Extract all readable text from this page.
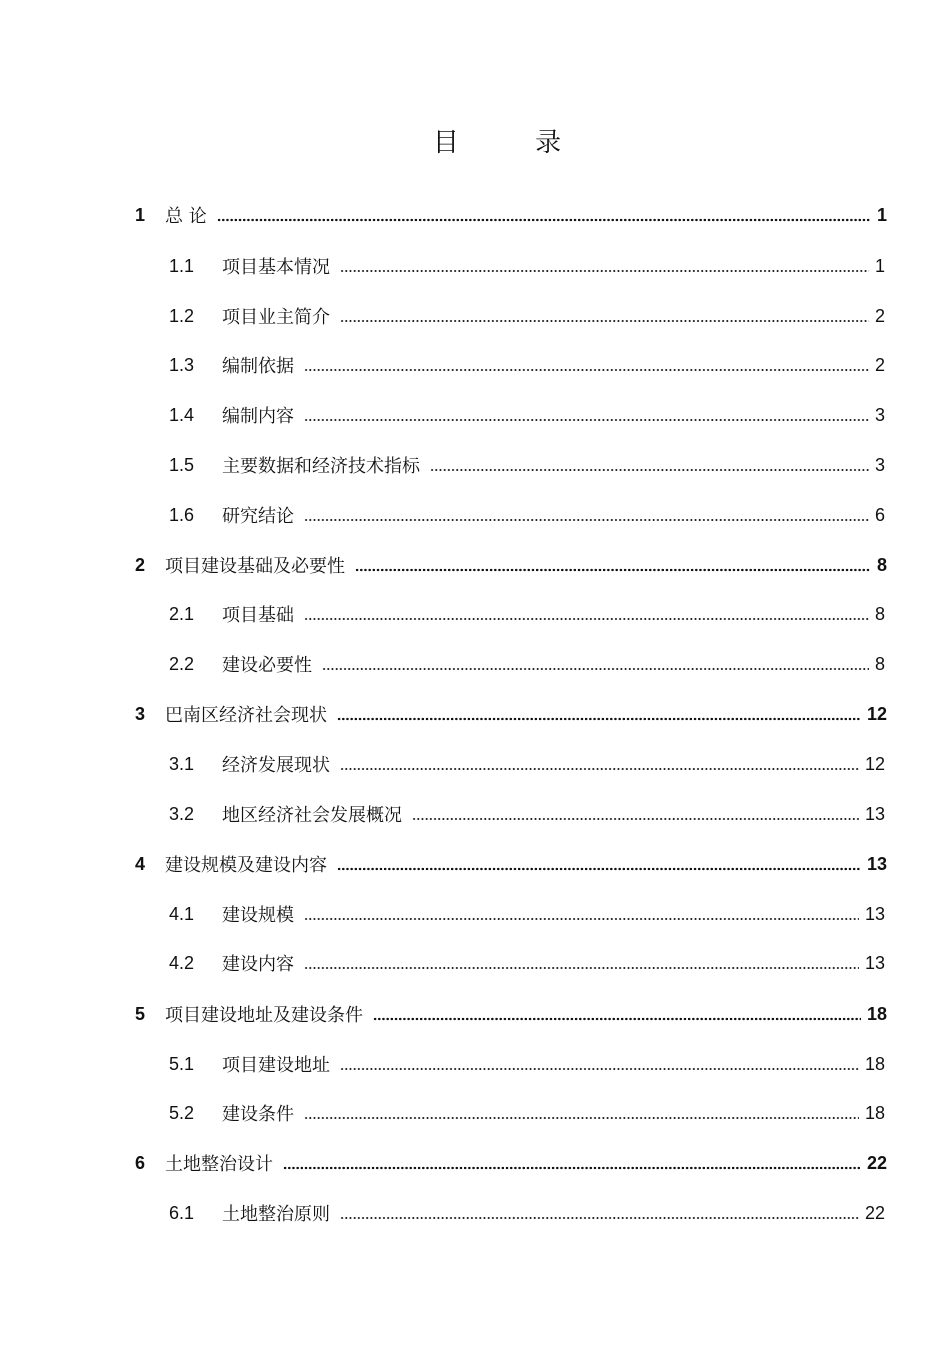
目 录
1	总 论	1
1.1	项目基本情况	1
1.2	项目业主简介	2
1.3	编制依据	2
1.4	编制内容	3
1.5	主要数据和经济技术指标	3
1.6	研究结论	6
2	项目建设基础及必要性	8
2.1	项目基础	8
2.2	建设必要性	8
3	巴南区经济社会现状	12
3.1	经济发展现状	12
3.2	地区经济社会发展概况	13
4	建设规模及建设内容	13
4.1	建设规模	13
4.2	建设内容	13
5	项目建设地址及建设条件	18
5.1	项目建设地址	18
5.2	建设条件	18
6	土地整治设计	22
6.1	土地整治原则	22
